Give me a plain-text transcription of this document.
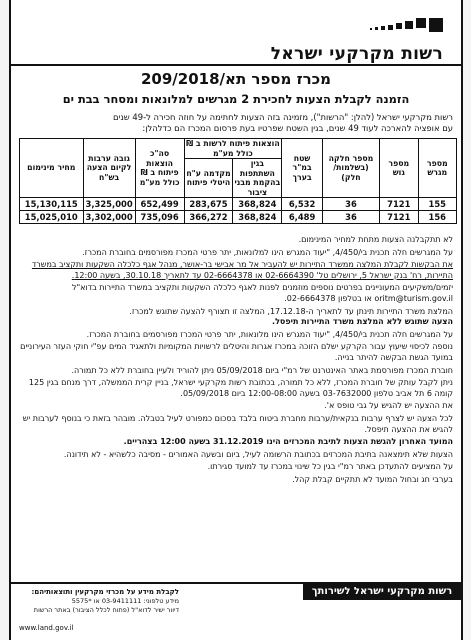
רשות מקרקעי ישראל
מכרז מספר תא/209/2018
הזמנה לקבלת הצעות לחכירת 2 מגרשים למלונאות ומסחר בבת ים
רשות מקרקעי ישראל (להלן: "הרשות"), מזמינה בזה הצעות לחתימה על חוזה חכירה ל-49 שנים
עם אופציה להארכה לעוד 49 שנים, בגין השטח שפרטיו בעת פרסום המכרז הם כדלהלן:
מספר מגרש	מספר גוש	מספר חלקה (בשלמות/ חלק)	שטח במ"ר בערך	הוצאות פיתוח לרשות ב ₪ כולל מע"מ		סה"כ הוצאות פיתוח ב ₪ כולל מע"מ	גובה ערבות לקיום הצעה בש"ח	מחיר מינימום
				בגין השתתפות בהקמת מבני ציבור	מקדמה ע"ח היטלי פיתוח			
155	7121	36	6,532	368,824	283,675	652,499	3,325,000	15,130,115
156	7121	36	6,489	368,824	366,272	735,096	3,302,000	15,025,010

לא תתקבלנה הצעות מתחת למחיר המינימום.

על המגרשים חלה תכנית בי/4/450, "יעוד המגרש הינו למלונאות, יתר פרטי המכרז מפורסמים בחוברת המכרז.

את הבקשות לקבלת המלצה ממשרד התיירות יש להעביר אל מר אבישי בר-אושר, מנהל אגף כלכלה השקעות ותקציב במשרד התיירות, רח' בנק ישראל 5, ירושלים טל' 02-6664390 או 02-6664378 עד לתאריך 30.10.18, בשעה 12:00.

יזמים/משקיעים המעוניינים בפרטים נוספים מוזמנים לפנות לאגף כלכלה השקעות ותקציב במשרד התיירות בדוא"ל oritm@turism.gov.il או בטלפון 02-6664378.

המלצת משרד התיירות תינתן עד לתאריך ה-17.12.18, המלצה זו תצורף להצעה שתוגש למכרז.

הצעה שתוגש ללא המלצת משרד התיירות תיפסל.

על המגרשים חלה תכנית בי/4/450, "יעוד המגרש הינו מלונאות, יתר פרטי המכרז מפורסמים בחוברת המכרז.

נוספה לכיסוי שיעוץ עבור הקרקע ישלם הזוכה במכרז אגרות והיטלים לרשויות המקומיות ולתאגיד המים עפ"י חוקי העזר העירוניים במועד הגשת הבקשה להיתר בנייה.

חוברת המכרז מפורסמת באתר האינטרנט של רמ"י ביום 05/09/2018 ניתן להוריד ולעיין בחוברת ללא כל תמורה.

ניתן לקבל עותק של חוברת המכרז, ללא כל תמורה, בכתובת רשות מקרקעי ישראל, בניין קרית הממשלה, דרך מנחם בגין 125 קומה 6 תל אביב טלפון 03-7632000 בשעה 12:00-08:00 ביום 05/09/2018.

את ההצעה יש להגיש על גבי טופס א'.

לכל הצעה יש לצרף ערבות בנקאית/ערבות מחברת ביטוח בלבד בסכום כמפורט לעיל בטבלה. מובהר בזאת כי בנוסף לערבות יש להגיש את ההצעה תיפסל.

המועד האחרון להגשת הצעות לתיבת המכרזים הינו 31.12.2019 בשעה 12:00 בצהריים.

הצעות שלא תימצאנה בתיבת המכרזים בכתובת הרשומה לעיל, ביום ובשעה האמורים - מסיבה כלשהיא - לא תידונה.

על המציעים להתעדכן באתר רמ"י בגין כל שינוי במכרז עד למועד סגירתו.

בערבי חג ובחול המועד לא תתקיים קבלת קהל.

רשות מקרקעי ישראל לשירותך
לקבלת מידע על מכרזי מקרקעין ותוצאותיהם:
מידע טלפוני: 03-9411111 או *5575
דיוור ישיר לדוא"ל (פתוח לכלל הציבור) באתר הרשות
www.land.gov.il
